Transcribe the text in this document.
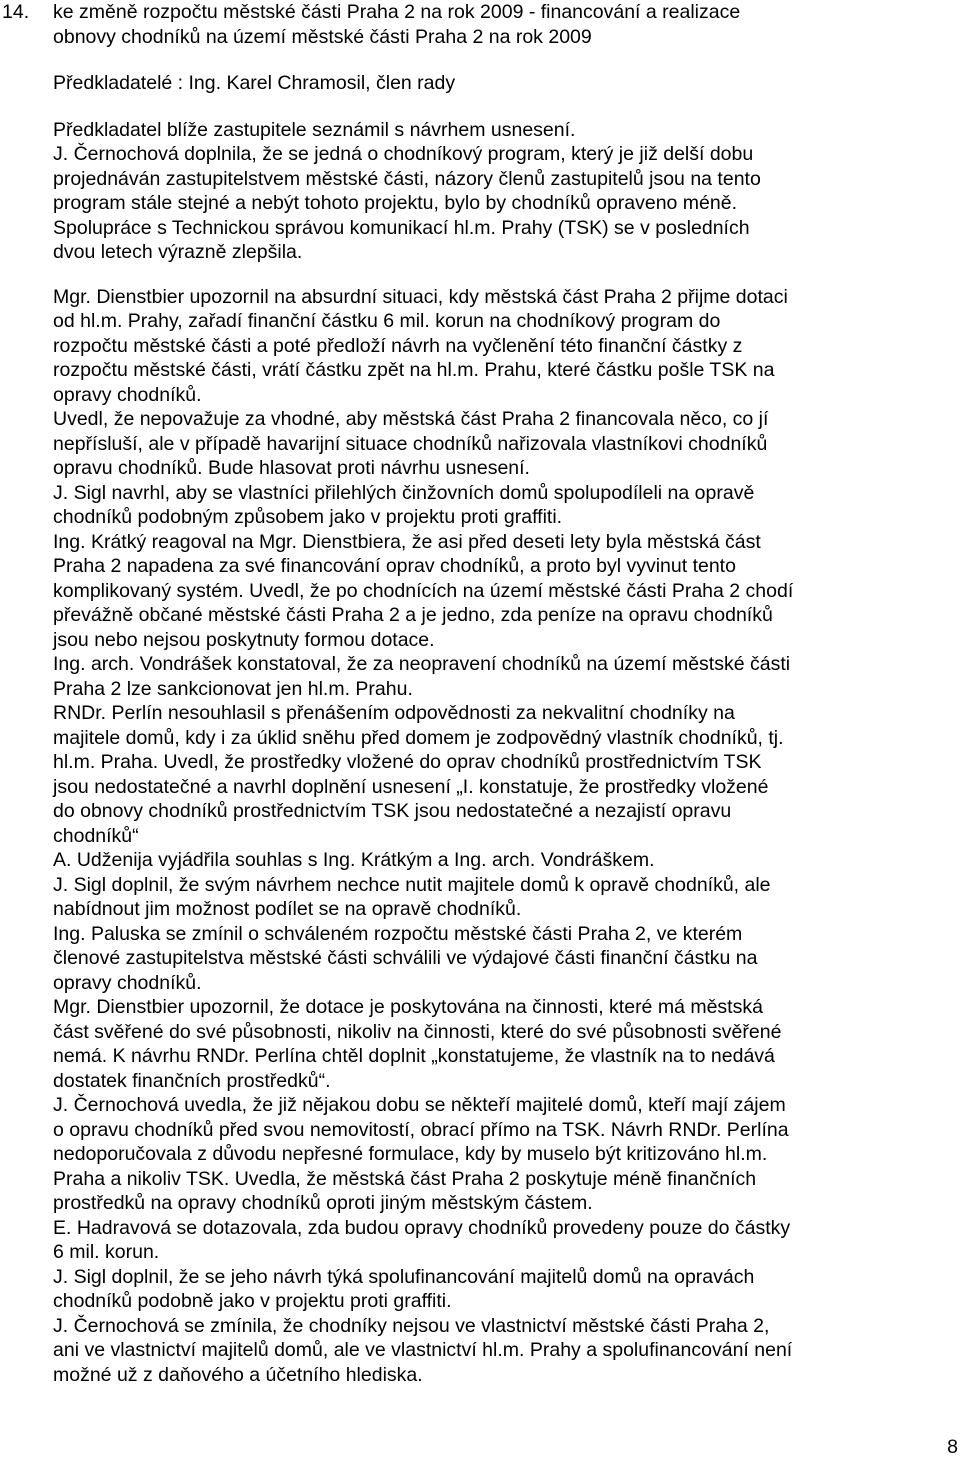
14. ke změně rozpočtu městské části Praha 2 na rok 2009 - financování a realizace
obnovy chodníků na území městské části Praha 2 na rok 2009
Předkladatelé : Ing. Karel Chramosil, člen rady
Předkladatel blíže zastupitele seznámil s návrhem usnesení.
J. Černochová doplnila, že se jedná o chodníkový program, který je již delší dobu
projednáván zastupitelstvem městské části, názory členů zastupitelů jsou na tento
program stále stejné a nebýt tohoto projektu, bylo by chodníků opraveno méně.
Spolupráce s Technickou správou komunikací hl.m. Prahy (TSK) se v posledních
dvou letech výrazně zlepšila.
Mgr. Dienstbier upozornil na absurdní situaci, kdy městská část Praha 2 přijme dotaci
od hl.m. Prahy, zařadí finanční částku 6 mil. korun na chodníkový program do
rozpočtu městské části a poté předloží návrh na vyčlenění této finanční částky z
rozpočtu městské části, vrátí částku zpět na hl.m. Prahu, které částku pošle TSK na
opravy chodníků.
Uvedl, že nepovažuje za vhodné, aby městská část Praha 2 financovala něco, co jí
nepřísluší, ale v případě havarijní situace chodníků nařizovala vlastníkovi chodníků
opravu chodníků. Bude hlasovat proti návrhu usnesení.
J. Sigl navrhl, aby se vlastníci přilehlých činžovních domů spolupodíleli na opravě
chodníků podobným způsobem jako v projektu proti graffiti.
Ing. Krátký reagoval na Mgr. Dienstbiera, že asi před deseti lety byla městská část
Praha 2 napadena za své financování oprav chodníků, a proto byl vyvinut tento
komplikovaný systém. Uvedl, že po chodnících na území městské části Praha 2 chodí
převážně občané městské části Praha 2 a je jedno, zda peníze na opravu chodníků
jsou nebo nejsou poskytnuty formou dotace.
Ing. arch. Vondrášek konstatoval, že za neopravení chodníků na území městské části
Praha 2 lze sankcionovat jen hl.m. Prahu.
RNDr. Perlín nesouhlasil s přenášením odpovědnosti za nekvalitní chodníky na
majitele domů, kdy i za úklid sněhu před domem je zodpovědný vlastník chodníků, tj.
hl.m. Praha. Uvedl, že prostředky vložené do oprav chodníků prostřednictvím TSK
jsou nedostatečné a navrhl doplnění usnesení „I. konstatuje, že prostředky vložené
do obnovy chodníků prostřednictvím TSK jsou nedostatečné a nezajistí opravu
chodníků“
A. Udženija vyjádřila souhlas s Ing. Krátkým a Ing. arch. Vondráškem.
J. Sigl doplnil, že svým návrhem nechce nutit majitele domů k opravě chodníků, ale
nabídnout jim možnost podílet se na opravě chodníků.
Ing. Paluska se zmínil o schváleném rozpočtu městské části Praha 2, ve kterém
členové zastupitelstva městské části schválili ve výdajové části finanční částku na
opravy chodníků.
Mgr. Dienstbier upozornil, že dotace je poskytována na činnosti, které má městská
část svěřené do své působnosti, nikoliv na činnosti, které do své působnosti svěřené
nemá. K návrhu RNDr. Perlína chtěl doplnit „konstatujeme, že vlastník na to nedává
dostatek finančních prostředků“.
J. Černochová uvedla, že již nějakou dobu se někteří majitelé domů, kteří mají zájem
o opravu chodníků před svou nemovitostí, obrací přímo na TSK. Návrh RNDr. Perlína
nedoporučovala z důvodu nepřesné formulace, kdy by muselo být kritizováno hl.m.
Praha a nikoliv TSK. Uvedla, že městská část Praha 2 poskytuje méně finančních
prostředků na opravy chodníků oproti jiným městským částem.
E. Hadravová se dotazovala, zda budou opravy chodníků provedeny pouze do částky
6 mil. korun.
J. Sigl doplnil, že se jeho návrh týká spolufinancování majitelů domů na opravách
chodníků podobně jako v projektu proti graffiti.
J. Černochová se zmínila, že chodníky nejsou ve vlastnictví městské části Praha 2,
ani ve vlastnictví majitelů domů, ale ve vlastnictví hl.m. Prahy a spolufinancování není
možné už z daňového a účetního hlediska.
8
